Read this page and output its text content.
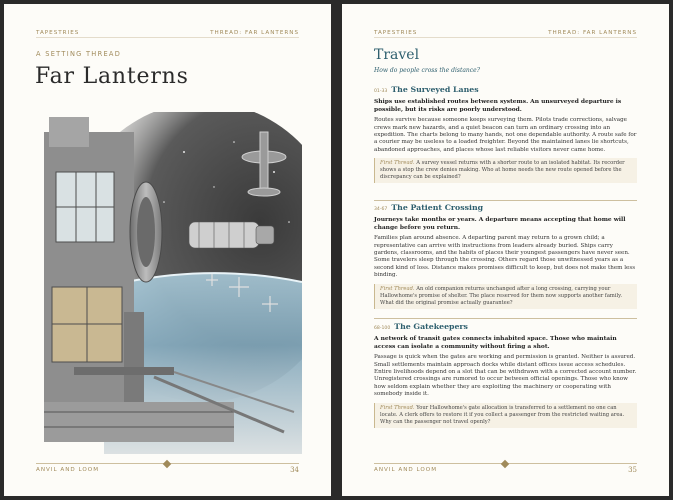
TAPESTRIES	THREAD: FAR LANTERNS
A SETTING THREAD
Far Lanterns
ANVIL AND LOOM	34
TAPESTRIES	THREAD: FAR LANTERNS
Travel
How do people cross the distance?
01-33 The Surveyed Lanes
Ships use established routes between systems. An unsurveyed departure is possible, but its risks are poorly understood.
Routes survive because someone keeps surveying them. Pilots trade corrections, salvage crews mark new hazards, and a quiet beacon can turn an ordinary crossing into an expedition. The charts belong to many hands, not one dependable authority. A route safe for a courier may be useless to a loaded freighter. Beyond the maintained lanes lie shortcuts, abandoned approaches, and places whose last reliable visitors never came home.
First Thread. A survey vessel returns with a shorter route to an isolated habitat. Its recorder shows a stop the crew denies making. Who at home needs the new route opened before the discrepancy can be explained?
34-67 The Patient Crossing
Journeys take months or years. A departure means accepting that home will change before you return.
Families plan around absence. A departing parent may return to a grown child; a representative can arrive with instructions from leaders already buried. Ships carry gardens, classrooms, and the habits of places their youngest passengers have never seen. Some travelers sleep through the crossing. Others regard those unwitnessed years as a second kind of loss. Distance makes promises difficult to keep, but does not make them less binding.
First Thread. An old companion returns unchanged after a long crossing, carrying your Hallowhome's promise of shelter. The place reserved for them now supports another family. What did the original promise actually guarantee?
68-100 The Gatekeepers
A network of transit gates connects inhabited space. Those who maintain access can isolate a community without firing a shot.
Passage is quick when the gates are working and permission is granted. Neither is assured. Small settlements maintain approach docks while distant offices issue access schedules. Entire livelihoods depend on a slot that can be withdrawn with a corrected account number. Unregistered crossings are rumored to occur between official openings. Those who know how seldom explain whether they are exploiting the machinery or cooperating with somebody inside it.
First Thread. Your Hallowhome's gate allocation is transferred to a settlement no one can locate. A clerk offers to restore it if you collect a passenger from the restricted waiting area. Why can the passenger not travel openly?
ANVIL AND LOOM	35
